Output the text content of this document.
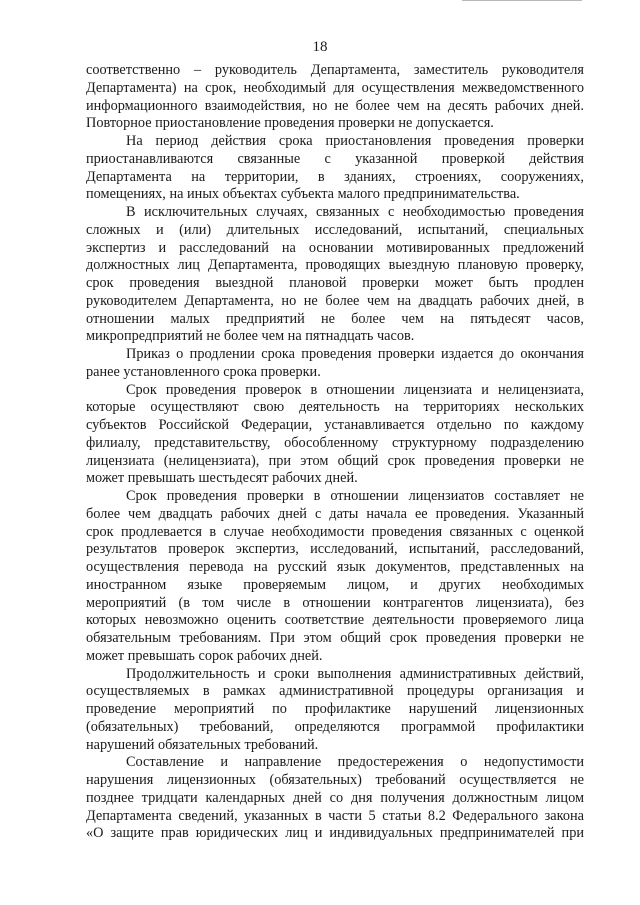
18
соответственно – руководитель Департамента, заместитель руководителя
Департамента) на срок, необходимый для осуществления межведомственного
информационного взаимодействия, но не более чем на десять рабочих дней.
Повторное приостановление проведения проверки не допускается.
На период действия срока приостановления проведения проверки
приостанавливаются связанные с указанной проверкой действия
Департамента на территории, в зданиях, строениях, сооружениях,
помещениях, на иных объектах субъекта малого предпринимательства.
В исключительных случаях, связанных с необходимостью проведения
сложных и (или) длительных исследований, испытаний, специальных
экспертиз и расследований на основании мотивированных предложений
должностных лиц Департамента, проводящих выездную плановую проверку,
срок проведения выездной плановой проверки может быть продлен
руководителем Департамента, но не более чем на двадцать рабочих дней, в
отношении малых предприятий не более чем на пятьдесят часов,
микропредприятий не более чем на пятнадцать часов.
Приказ о продлении срока проведения проверки издается до окончания
ранее установленного срока проверки.
Срок проведения проверок в отношении лицензиата и нелицензиата,
которые осуществляют свою деятельность на территориях нескольких
субъектов Российской Федерации, устанавливается отдельно по каждому
филиалу, представительству, обособленному структурному подразделению
лицензиата (нелицензиата), при этом общий срок проведения проверки не
может превышать шестьдесят рабочих дней.
Срок проведения проверки в отношении лицензиатов составляет не
более чем двадцать рабочих дней с даты начала ее проведения. Указанный
срок продлевается в случае необходимости проведения связанных с оценкой
результатов проверок экспертиз, исследований, испытаний, расследований,
осуществления перевода на русский язык документов, представленных на
иностранном языке проверяемым лицом, и других необходимых
мероприятий (в том числе в отношении контрагентов лицензиата), без
которых невозможно оценить соответствие деятельности проверяемого лица
обязательным требованиям. При этом общий срок проведения проверки не
может превышать сорок рабочих дней.
Продолжительность и сроки выполнения административных действий,
осуществляемых в рамках административной процедуры организация и
проведение мероприятий по профилактике нарушений лицензионных
(обязательных) требований, определяются программой профилактики
нарушений обязательных требований.
Составление и направление предостережения о недопустимости
нарушения лицензионных (обязательных) требований осуществляется не
позднее тридцати календарных дней со дня получения должностным лицом
Департамента сведений, указанных в части 5 статьи 8.2 Федерального закона
«О защите прав юридических лиц и индивидуальных предпринимателей при
